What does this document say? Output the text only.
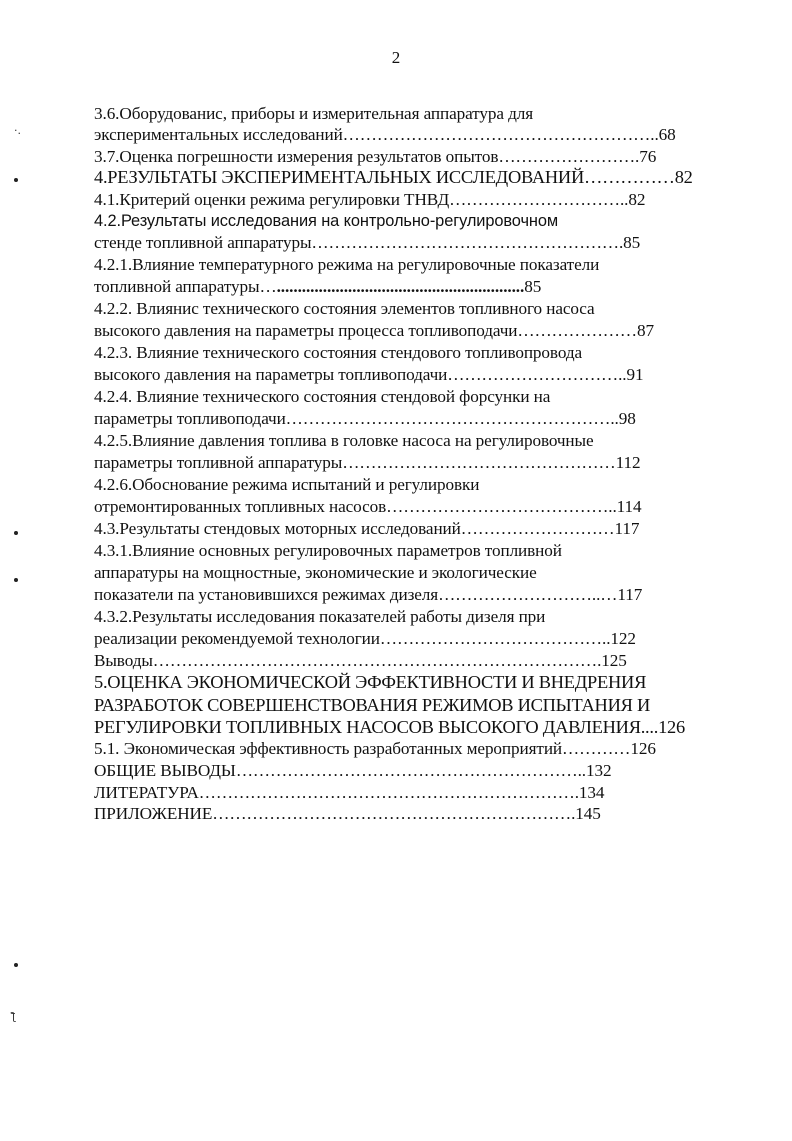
2
·.
ƪ
3.6.Оборудованис, приборы и измерительная аппаратура для
экспериментальных исследований………………………………………………..68
3.7.Оценка погрешности измерения результатов опытов…………………….76
4.РЕЗУЛЬТАТЫ ЭКСПЕРИМЕНТАЛЬНЫХ ИССЛЕДОВАНИЙ……………82
4.1.Критерий оценки режима регулировки ТНВД…………………………..82
4.2.Результаты исследования на контрольно-регулировочном
стенде топливной аппаратуры……………………………………………….85
4.2.1.Влияние температурного режима на регулировочные показатели
топливной аппаратуры…...........................................................85
4.2.2. Влиянис технического состояния элементов топливного насоса
высокого давления на параметры процесса топливоподачи…………………87
4.2.3. Влияние технического состояния стендового топливопровода
высокого давления на параметры топливоподачи…………………………..91
4.2.4. Влияние технического состояния стендовой форсунки на
параметры топливоподачи…………………………………………………..98
4.2.5.Влияние давления топлива в головке насоса на регулировочные
параметры топливной аппаратуры…………………………………………112
4.2.6.Обоснование режима испытаний и регулировки
отремонтированных топливных насосов…………………………………..114
4.3.Результаты стендовых моторных исследований………………………117
4.3.1.Влияние основных регулировочных параметров топливной
аппаратуры на мощностные, экономические и экологические
показатели па установившихся режимах дизеля………………………..…117
4.3.2.Результаты исследования показателей работы дизеля при
реализации рекомендуемой технологии…………………………………..122
Выводы…………………………………………………………………….125
5.ОЦЕНКА ЭКОНОМИЧЕСКОЙ ЭФФЕКТИВНОСТИ И ВНЕДРЕНИЯ
РАЗРАБОТОК СОВЕРШЕНСТВОВАНИЯ РЕЖИМОВ ИСПЫТАНИЯ И
РЕГУЛИРОВКИ ТОПЛИВНЫХ НАСОСОВ ВЫСОКОГО ДАВЛЕНИЯ....126
5.1. Экономическая эффективность разработанных мероприятий…………126
ОБЩИЕ ВЫВОДЫ……………………………………………………..132
ЛИТЕРАТУРА………………………………………………………….134
ПРИЛОЖЕНИЕ……………………………………………………….145
